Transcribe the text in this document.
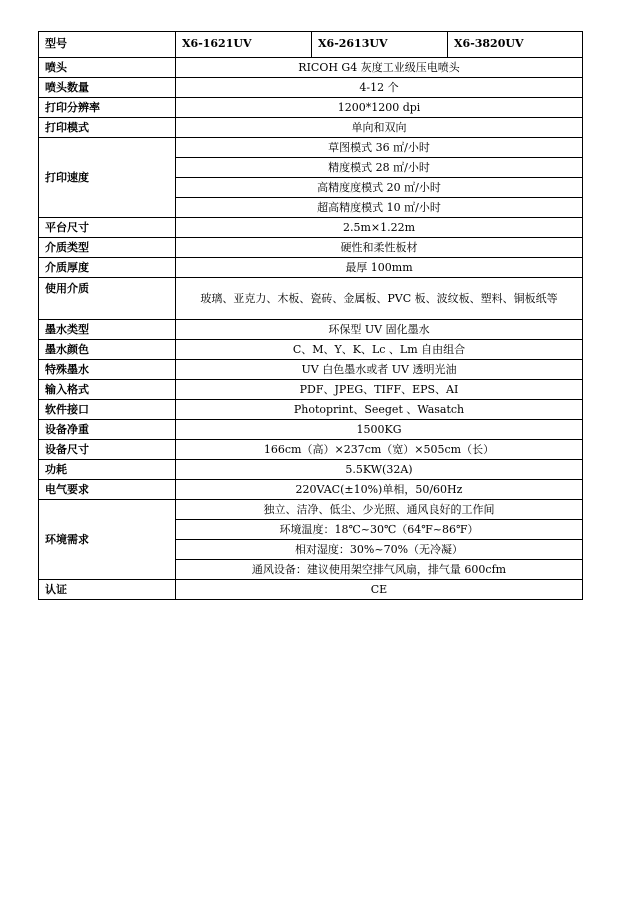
型号	X6-1621UV	X6-2613UV	X6-3820UV
喷头	RICOH G4 灰度工业级压电喷头		
喷头数量	4-12 个		
打印分辨率	1200*1200 dpi		
打印模式	单向和双向		
打印速度	草图模式 36 ㎡/小时		
	精度模式 28 ㎡/小时		
	高精度度模式 20 ㎡/小时		
	超高精度模式 10 ㎡/小时		
平台尺寸	2.5m×1.22m		
介质类型	硬性和柔性板材		
介质厚度	最厚 100mm		
使用介质	玻璃、亚克力、木板、瓷砖、金属板、PVC 板、波纹板、塑料、铜板纸等		
墨水类型	环保型 UV 固化墨水		
墨水颜色	C、M、Y、K、Lc 、Lm 自由组合		
特殊墨水	UV 白色墨水或者 UV 透明光油		
输入格式	PDF、JPEG、TIFF、EPS、AI		
软件接口	Photoprint、Seeget 、Wasatch		
设备净重	1500KG		
设备尺寸	166cm（高）×237cm（宽）×505cm（长）		
功耗	5.5KW(32A)		
电气要求	220VAC(±10%)单相，50/60Hz		
环境需求	独立、洁净、低尘、少光照、通风良好的工作间		
	环境温度：18℃~30℃（64℉~86℉）		
	相对湿度：30%~70%（无冷凝）		
	通风设备：建议使用架空排气风扇，排气量 600cfm		
认证	CE		
